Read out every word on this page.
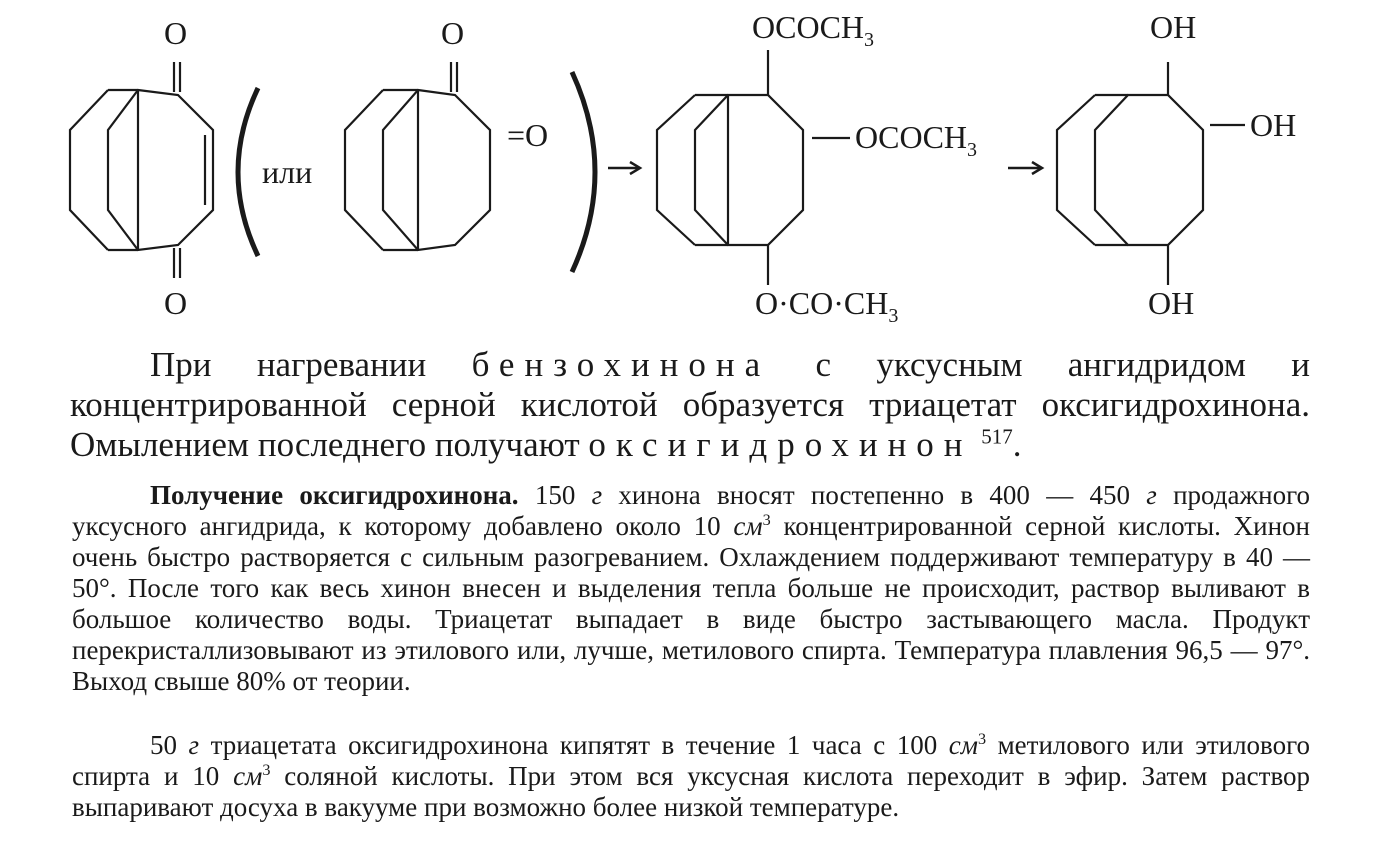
O
O
или
O
=O
$OCOCH_3$
$OCOCH_3$
$O\cdot CO\cdot CH_3$
OH
OH
OH

При нагревании бензохинона с уксусным ангидридом и концентрированной серной кислотой образуется триацетат оксигидрохинона. Омылением последнего получают оксигидрохинон $^{517}$.

Получение оксигидрохинона. 150 г хинона вносят постепенно в 400 — 450 г продажного уксусного ангидрида, к которому добавлено около 10 $см^3$ концентрированной серной кислоты. Хинон очень быстро растворяется с сильным разогреванием. Охлаждением поддерживают температуру в 40 — 50°. После того как весь хинон внесен и выделения тепла больше не происходит, раствор выливают в большое количество воды. Триацетат выпадает в виде быстро застывающего масла. Продукт перекристаллизовывают из этилового или, лучше, метилового спирта. Температура плавления 96,5 — 97°. Выход свыше 80% от теории.

50 г триацетата оксигидрохинона кипятят в течение 1 часа с 100 $см^3$ метилового или этилового спирта и 10 $см^3$ соляной кислоты. При этом вся уксусная кислота переходит в эфир. Затем раствор выпаривают досуха в вакууме при возможно более низкой температуре.
